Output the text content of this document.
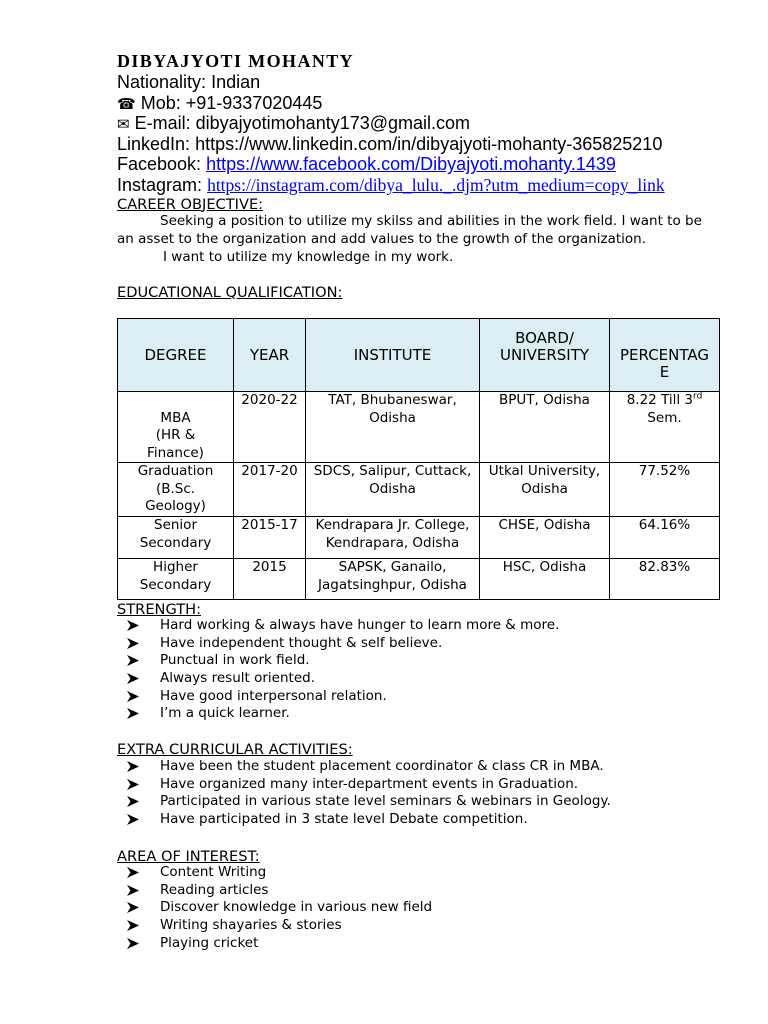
DIBYAJYOTI MOHANTY
Nationality: Indian
☎ Mob: +91-9337020445
✉ E-mail: dibyajyotimohanty173@gmail.com
LinkedIn: https://www.linkedin.com/in/dibyajyoti-mohanty-365825210
Facebook: https://www.facebook.com/Dibyajyoti.mohanty.1439
Instagram: https://instagram.com/dibya_lulu._.djm?utm_medium=copy_link
CAREER OBJECTIVE:
Seeking a position to utilize my skilss and abilities in the work field. I want to be
an asset to the organization and add values to the growth of the organization.
I want to utilize my knowledge in my work.
EDUCATIONAL QUALIFICATION:
DEGREE	YEAR	INSTITUTE	BOARD/ UNIVERSITY	PERCENTAGE

MBA
(HR &
Finance)	2020-22	TAT, Bhubaneswar, Odisha	BPUT, Odisha	8.22 Till 3rd Sem.

Graduation
(B.Sc.
Geology)	2017-20	SDCS, Salipur, Cuttack, Odisha	Utkal University, Odisha	77.52%

Senior
Secondary	2015-17	Kendrapara Jr. College, Kendrapara, Odisha	CHSE, Odisha	64.16%

Higher
Secondary	2015	SAPSK, Ganailo, Jagatsinghpur, Odisha	HSC, Odisha	82.83%
STRENGTH:
Hard working & always have hunger to learn more & more.
Have independent thought & self believe.
Punctual in work field.
Always result oriented.
Have good interpersonal relation.
I’m a quick learner.
EXTRA CURRICULAR ACTIVITIES:
Have been the student placement coordinator & class CR in MBA.
Have organized many inter-department events in Graduation.
Participated in various state level seminars & webinars in Geology.
Have participated in 3 state level Debate competition.
AREA OF INTEREST:
Content Writing
Reading articles
Discover knowledge in various new field
Writing shayaries & stories
Playing cricket
